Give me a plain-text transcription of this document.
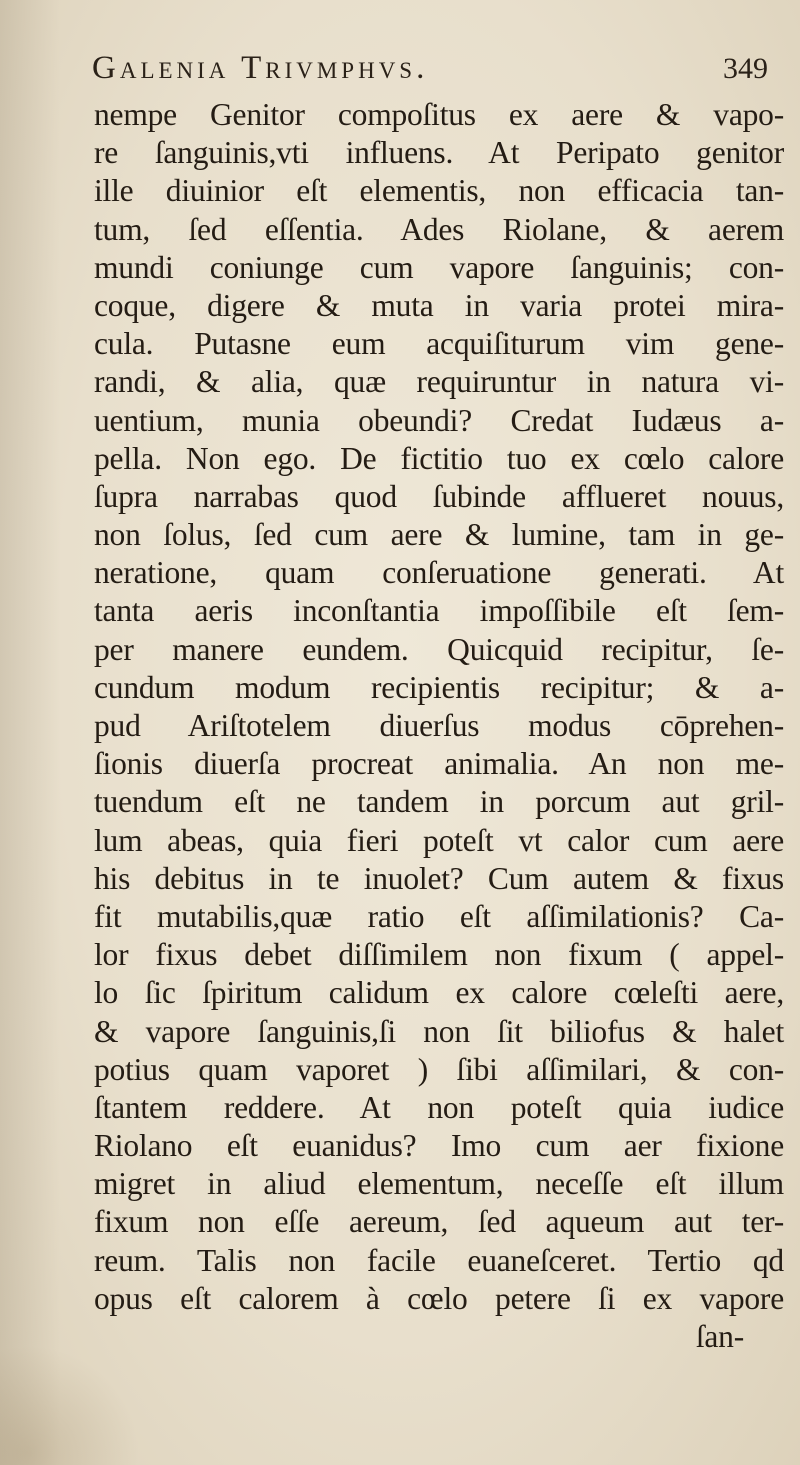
Galenia Trivmphvs.	349
nempe Genitor compoſitus ex aere & vapo-
re ſanguinis,vti influens. At Peripato genitor
ille diuinior eſt elementis, non efficacia tan-
tum, ſed eſſentia. Ades Riolane, & aerem
mundi coniunge cum vapore ſanguinis; con-
coque, digere & muta in varia protei mira-
cula. Putasne eum acquiſiturum vim gene-
randi, & alia, quæ requiruntur in natura vi-
uentium, munia obeundi? Credat Iudæus a-
pella. Non ego. De fictitio tuo ex cœlo calore
ſupra narrabas quod ſubinde afflueret nouus,
non ſolus, ſed cum aere & lumine, tam in ge-
neratione, quam conſeruatione generati. At
tanta aeris inconſtantia impoſſibile eſt ſem-
per manere eundem. Quicquid recipitur, ſe-
cundum modum recipientis recipitur; & a-
pud Ariſtotelem diuerſus modus cōprehen-
ſionis diuerſa procreat animalia. An non me-
tuendum eſt ne tandem in porcum aut gril-
lum abeas, quia fieri poteſt vt calor cum aere
his debitus in te inuolet? Cum autem & fixus
fit mutabilis,quæ ratio eſt aſſimilationis? Ca-
lor fixus debet diſſimilem non fixum ( appel-
lo ſic ſpiritum calidum ex calore cœleſti aere,
& vapore ſanguinis,ſi non ſit biliofus & halet
potius quam vaporet ) ſibi aſſimilari, & con-
ſtantem reddere. At non poteſt quia iudice
Riolano eſt euanidus? Imo cum aer fixione
migret in aliud elementum, neceſſe eſt illum
fixum non eſſe aereum, ſed aqueum aut ter-
reum. Talis non facile euaneſceret. Tertio qd
opus eſt calorem à cœlo petere ſi ex vapore
ſan-
